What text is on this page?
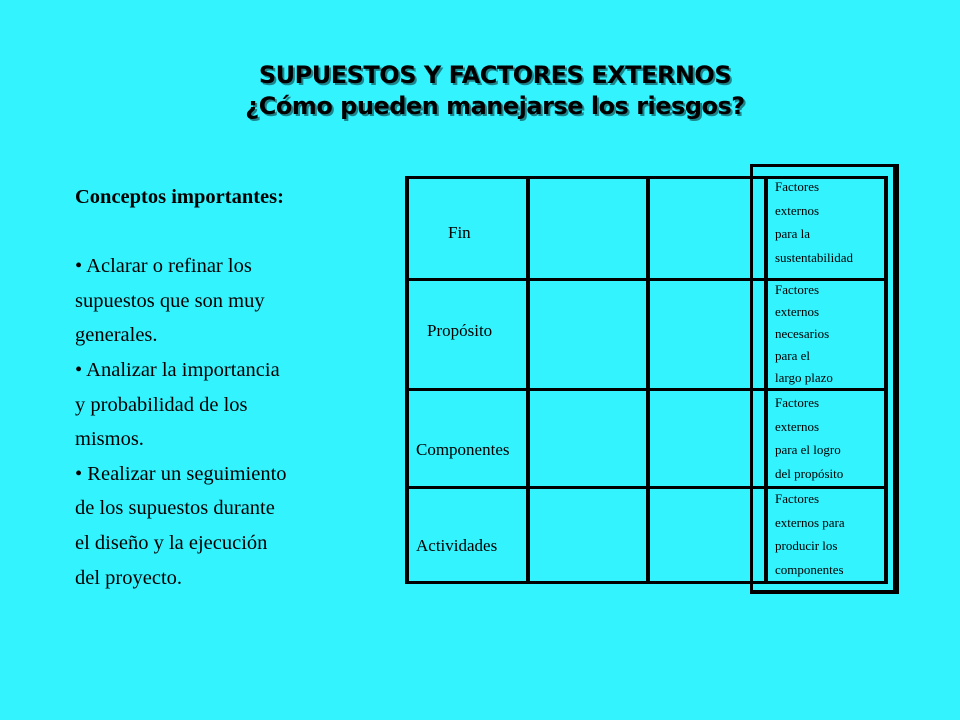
SUPUESTOS Y FACTORES EXTERNOS
¿Cómo pueden manejarse los riesgos?
Conceptos importantes:

• Aclarar o refinar los

supuestos que son muy

generales.

• Analizar la importancia

y probabilidad de los

mismos.

• Realizar un seguimiento

de los supuestos durante

el diseño y la ejecución

del proyecto.

Fin
Propósito
Componentes
Actividades
Factores
externos
para la
sustentabilidad
Factores
externos
necesarios
para el
largo plazo
Factores
externos
para el logro
del propósito
Factores
externos para
producir los
componentes
